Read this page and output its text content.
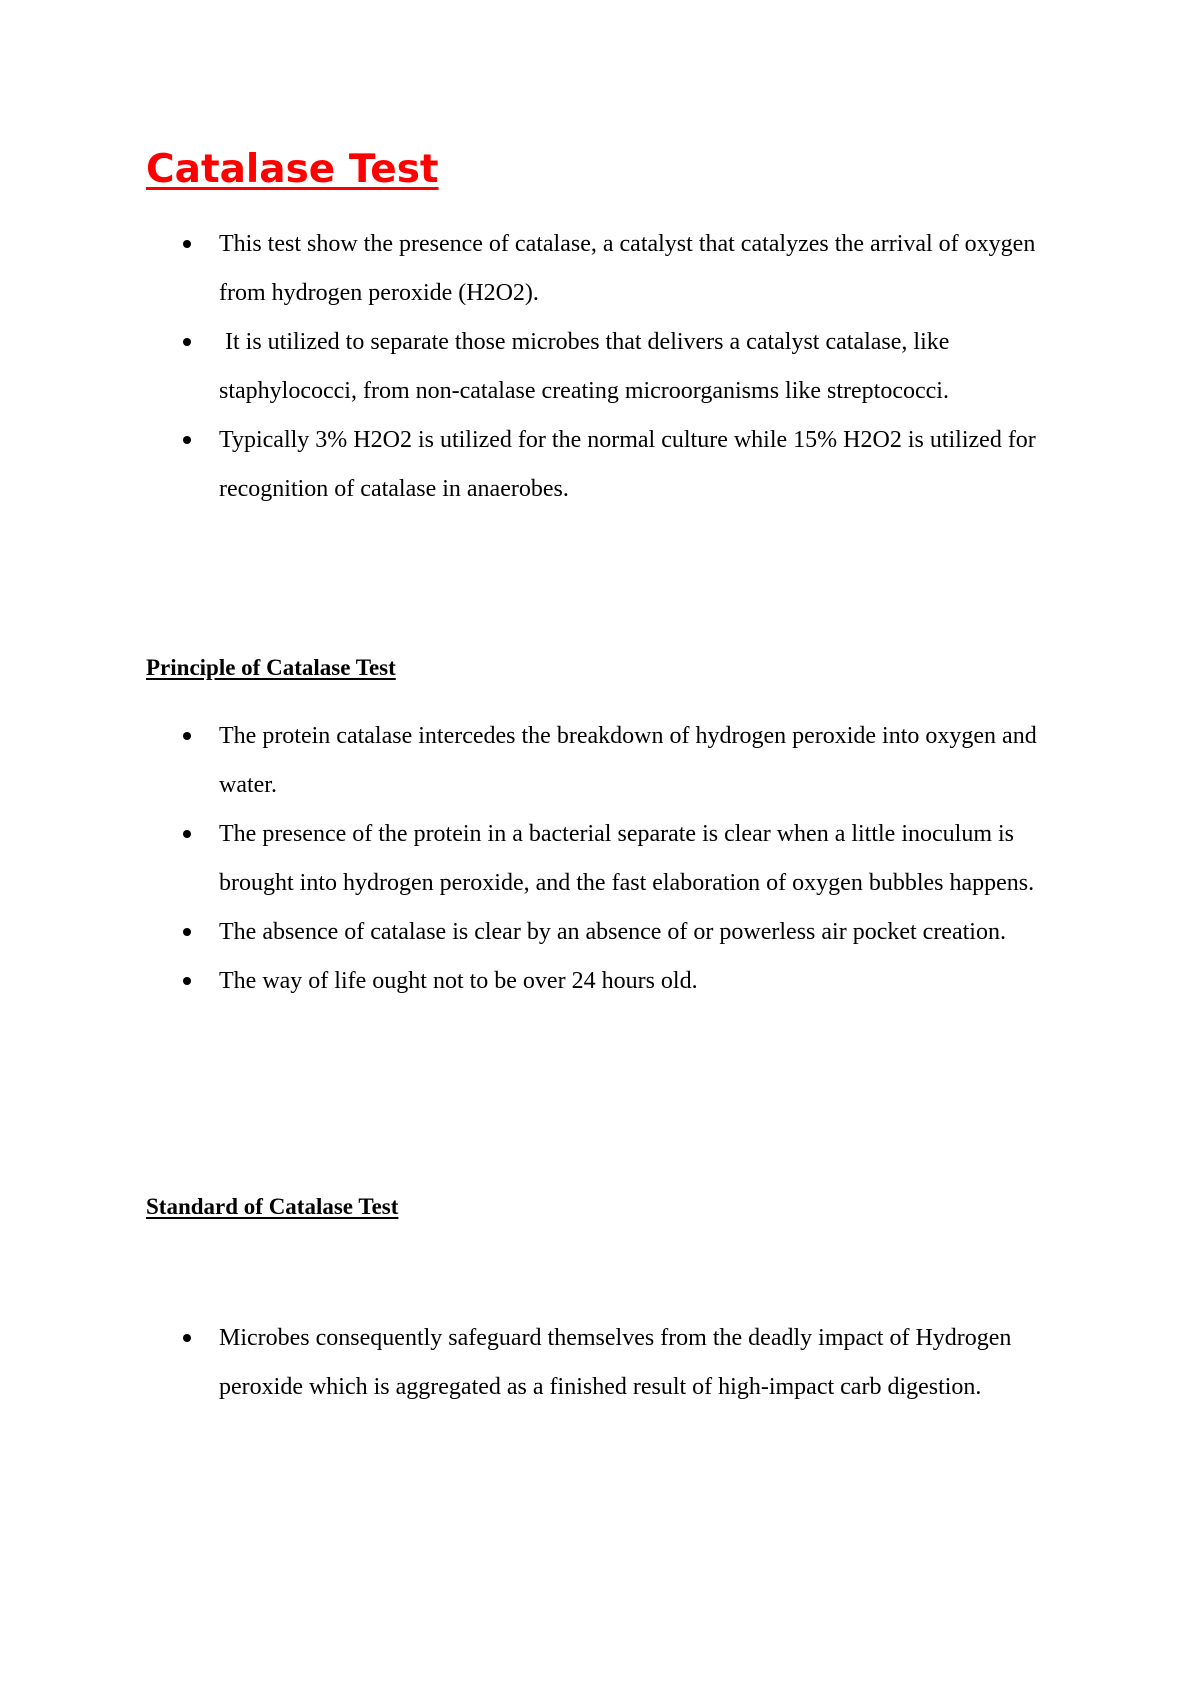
Catalase Test
This test show the presence of catalase, a catalyst that catalyzes the arrival of oxygen from hydrogen peroxide (H2O2).
It is utilized to separate those microbes that delivers a catalyst catalase, like staphylococci, from non-catalase creating microorganisms like streptococci.
Typically 3% H2O2 is utilized for the normal culture while 15% H2O2 is utilized for recognition of catalase in anaerobes.
Principle of Catalase Test
The protein catalase intercedes the breakdown of hydrogen peroxide into oxygen and water.
The presence of the protein in a bacterial separate is clear when a little inoculum is brought into hydrogen peroxide, and the fast elaboration of oxygen bubbles happens.
The absence of catalase is clear by an absence of or powerless air pocket creation.
The way of life ought not to be over 24 hours old.
Standard of Catalase Test
Microbes consequently safeguard themselves from the deadly impact of Hydrogen peroxide which is aggregated as a finished result of high-impact carb digestion.
